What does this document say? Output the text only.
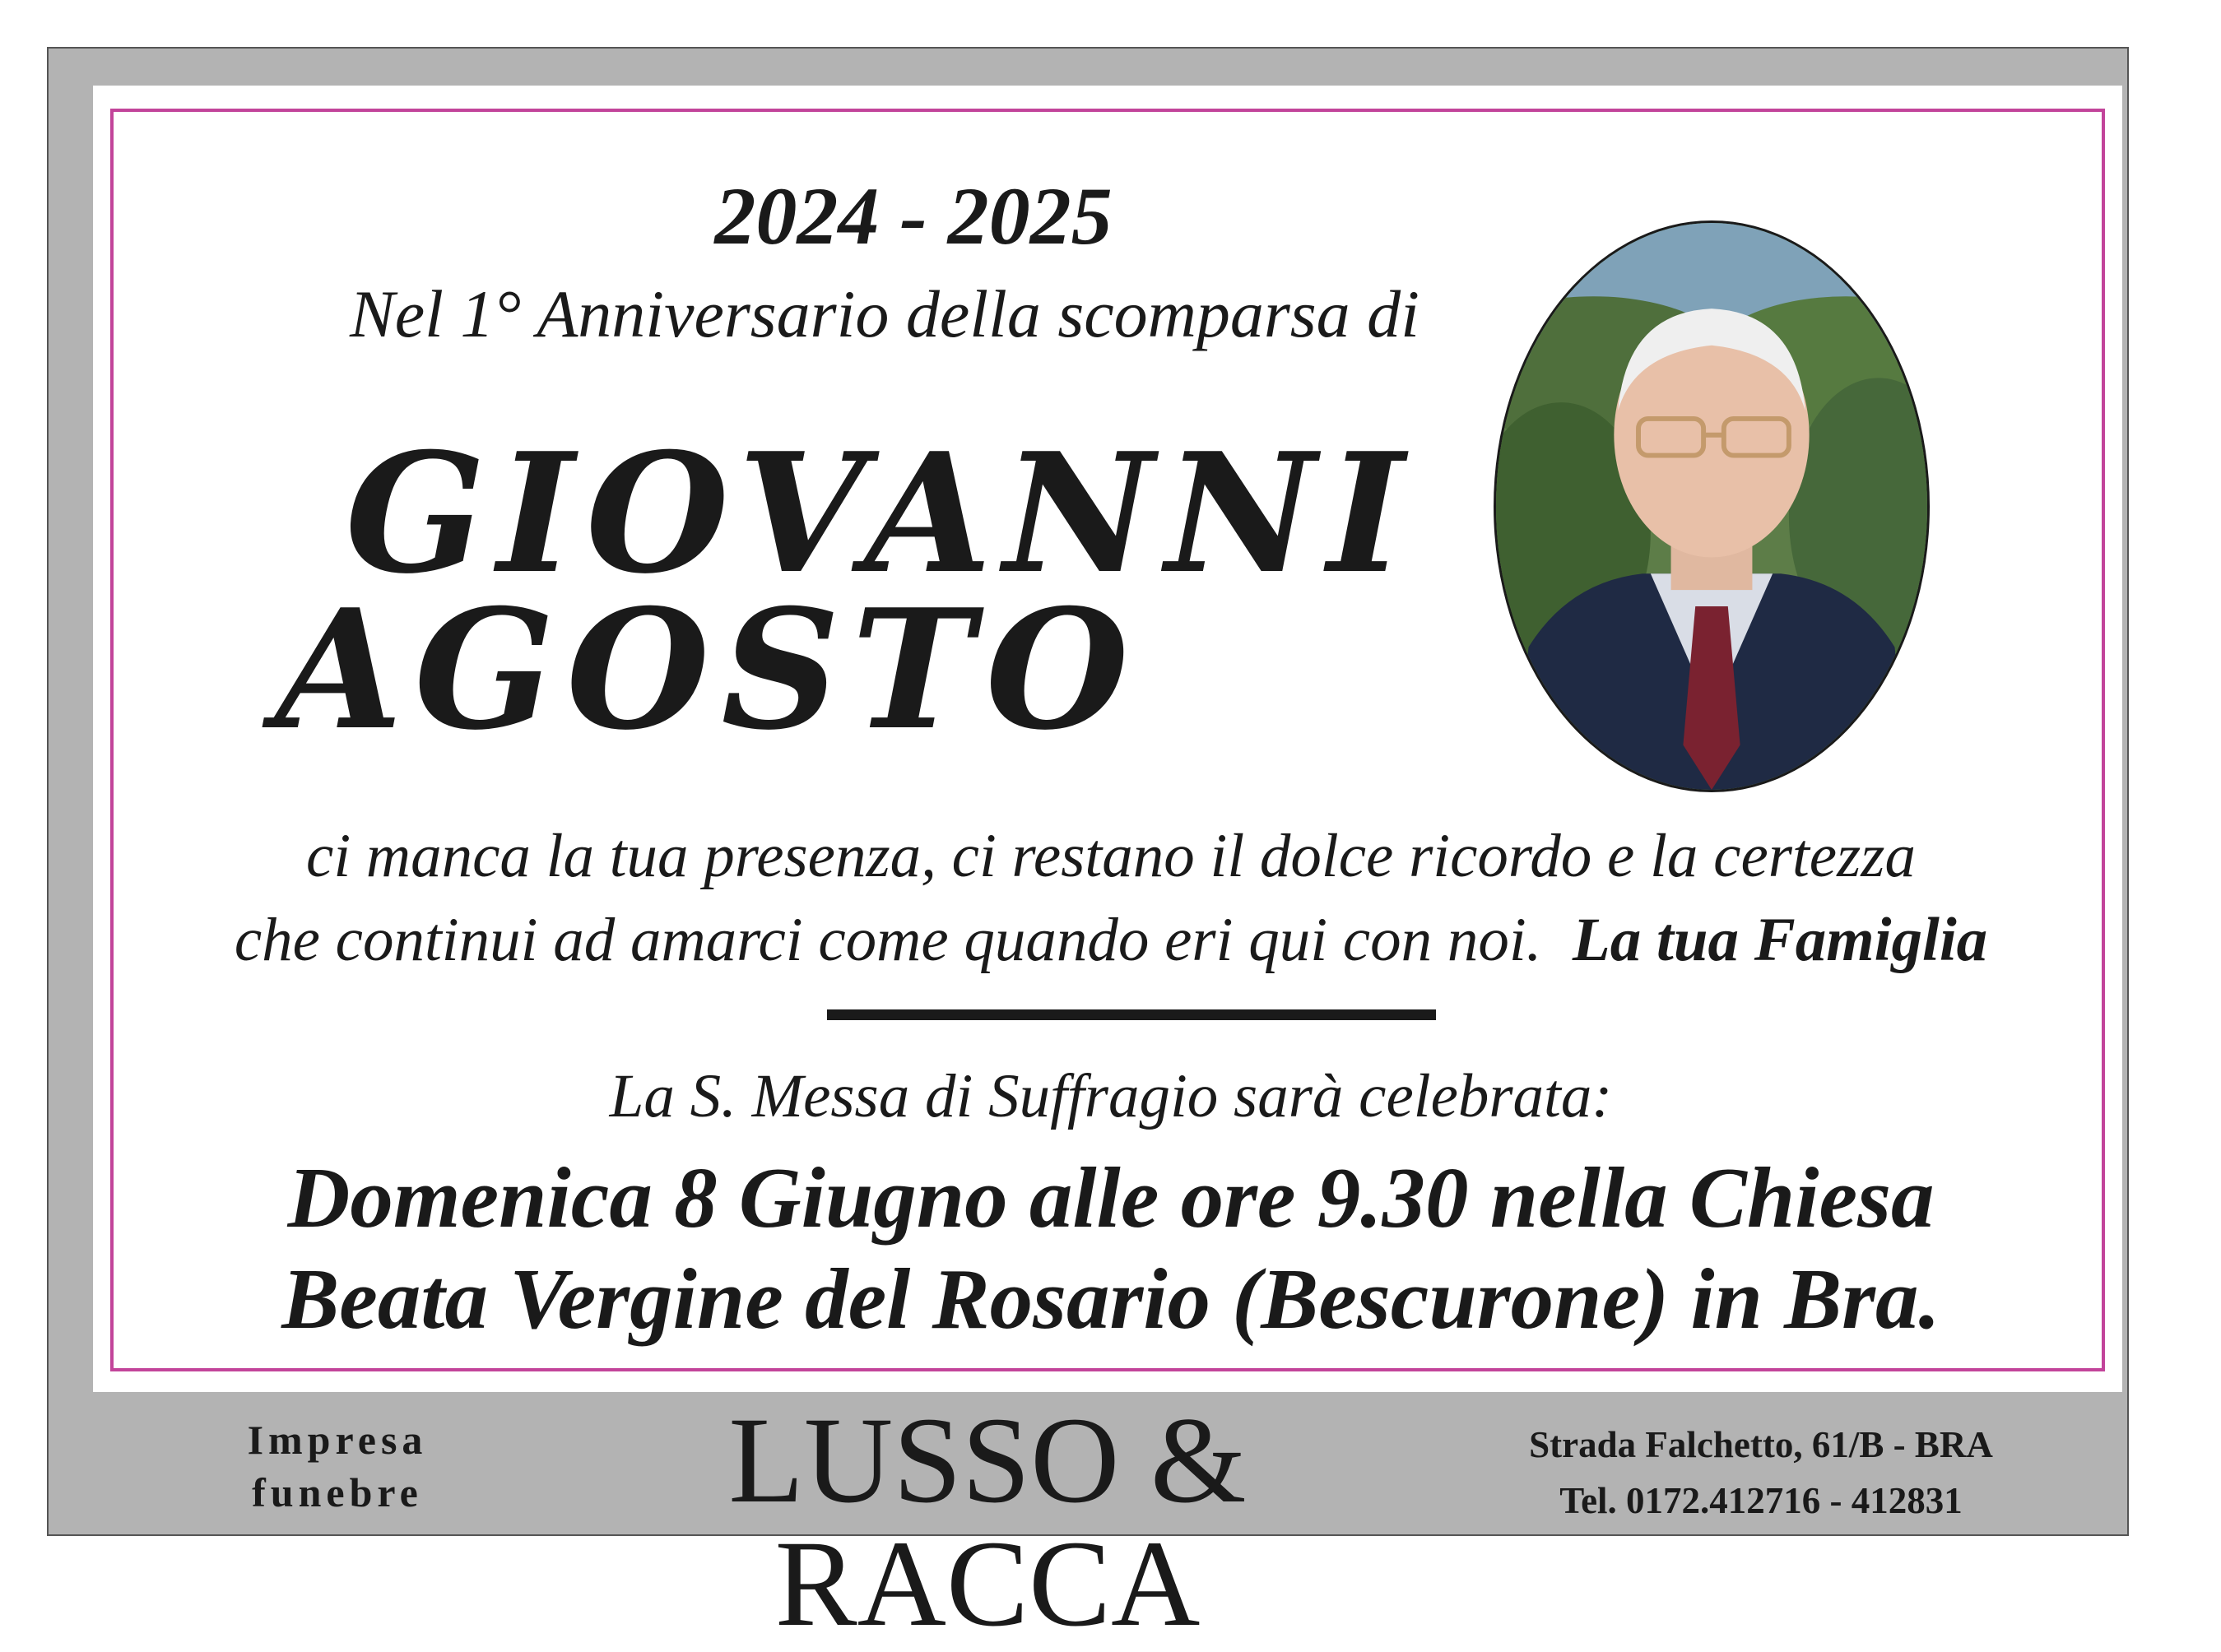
2024 - 2025
Nel 1° Anniversario della scomparsa di
GIOVANNI
AGOSTO
ci manca la tua presenza, ci restano il dolce ricordo e la certezza
che continui ad amarci come quando eri qui con noi. La tua Famiglia
La S. Messa di Suffragio sarà celebrata:
Domenica 8 Giugno alle ore 9.30 nella Chiesa
Beata Vergine del Rosario (Bescurone) in Bra.
Impresa
funebre	LUSSO & RACCA
Strada Falchetto, 61/B - BRA
Tel. 0172.412716 - 412831
